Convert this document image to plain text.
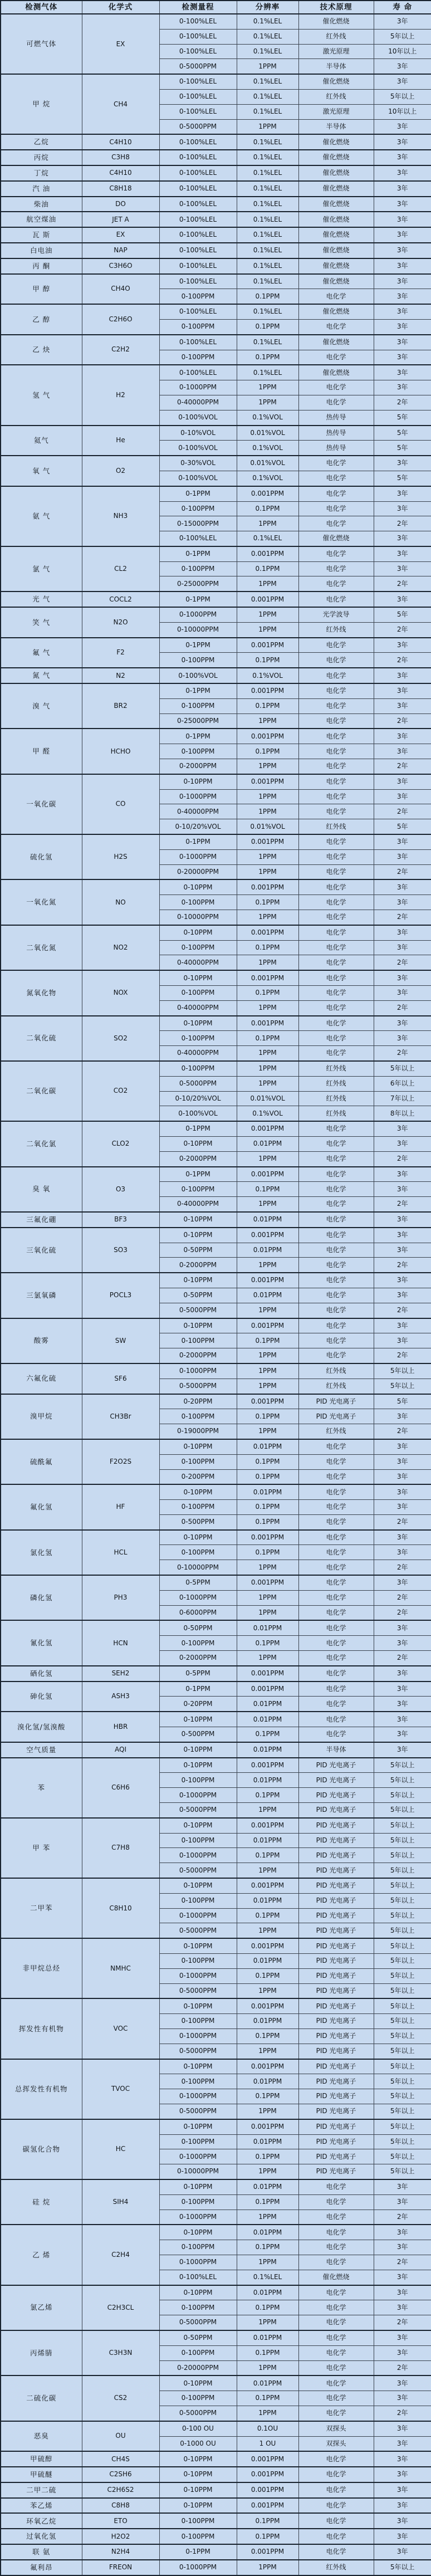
检测气体	化学式	检测量程	分辨率	技术原理	寿 命
可燃气体	EX	0-100%LEL	0.1%LEL	催化燃烧	3年
		0-100%LEL	0.1%LEL	红外线	5年以上
		0-100%LEL	0.1%LEL	激光原理	10年以上
		0-5000PPM	1PPM	半导体	3年
甲 烷	CH4	0-100%LEL	0.1%LEL	催化燃烧	3年
		0-100%LEL	0.1%LEL	红外线	5年以上
		0-100%LEL	0.1%LEL	激光原理	10年以上
		0-5000PPM	1PPM	半导体	3年
乙烷	C4H10	0-100%LEL	0.1%LEL	催化燃烧	3年
丙烷	C3H8	0-100%LEL	0.1%LEL	催化燃烧	3年
丁烷	C4H10	0-100%LEL	0.1%LEL	催化燃烧	3年
汽 油	C8H18	0-100%LEL	0.1%LEL	催化燃烧	3年
柴油	DO	0-100%LEL	0.1%LEL	催化燃烧	3年
航空煤油	JET A	0-100%LEL	0.1%LEL	催化燃烧	3年
瓦 斯	EX	0-100%LEL	0.1%LEL	催化燃烧	3年
白电油	NAP	0-100%LEL	0.1%LEL	催化燃烧	3年
丙 酮	C3H6O	0-100%LEL	0.1%LEL	催化燃烧	3年
甲 醇	CH4O	0-100%LEL	0.1%LEL	催化燃烧	3年
		0-100PPM	0.1PPM	电化学	3年
乙 醇	C2H6O	0-100%LEL	0.1%LEL	催化燃烧	3年
		0-100PPM	0.1PPM	电化学	3年
乙 炔	C2H2	0-100%LEL	0.1%LEL	催化燃烧	3年
		0-100PPM	0.1PPM	电化学	3年
氢 气	H2	0-100%LEL	0.1%LEL	催化燃烧	3年
		0-1000PPM	1PPM	电化学	3年
		0-40000PPM	1PPM	电化学	2年
		0-100%VOL	0.1%VOL	热传导	5年
氦气	He	0-10%VOL	0.01%VOL	热传导	5年
		0-100%VOL	0.1%VOL	热传导	5年
氧 气	O2	0-30%VOL	0.01%VOL	电化学	3年
		0-100%VOL	0.1%VOL	电化学	5年
氨 气	NH3	0-1PPM	0.001PPM	电化学	3年
		0-100PPM	0.1PPM	电化学	3年
		0-15000PPM	1PPM	电化学	2年
		0-100%LEL	0.1%LEL	催化燃烧	3年
氯 气	CL2	0-1PPM	0.001PPM	电化学	3年
		0-100PPM	0.1PPM	电化学	3年
		0-25000PPM	1PPM	电化学	2年
光 气	COCL2	0-1PPM	0.001PPM	电化学	3年
笑 气	N2O	0-1000PPM	1PPM	光学波导	5年
		0-10000PPM	1PPM	红外线	2年
氟 气	F2	0-1PPM	0.001PPM	电化学	3年
		0-100PPM	0.1PPM	电化学	2年
氮 气	N2	0-100%VOL	0.1%VOL	电化学	3年
溴 气	BR2	0-1PPM	0.001PPM	电化学	3年
		0-100PPM	0.1PPM	电化学	3年
		0-25000PPM	1PPM	电化学	2年
甲 醛	HCHO	0-1PPM	0.001PPM	电化学	3年
		0-100PPM	0.1PPM	电化学	3年
		0-2000PPM	1PPM	电化学	2年
一氧化碳	CO	0-10PPM	0.001PPM	电化学	3年
		0-1000PPM	1PPM	电化学	3年
		0-40000PPM	1PPM	电化学	2年
		0-10/20%VOL	0.01%VOL	红外线	5年
硫化氢	H2S	0-1PPM	0.001PPM	电化学	3年
		0-1000PPM	1PPM	电化学	3年
		0-20000PPM	1PPM	电化学	2年
一氧化氮	NO	0-10PPM	0.001PPM	电化学	3年
		0-100PPM	0.1PPM	电化学	3年
		0-10000PPM	1PPM	电化学	2年
二氧化氮	NO2	0-10PPM	0.001PPM	电化学	3年
		0-100PPM	0.1PPM	电化学	3年
		0-40000PPM	1PPM	电化学	2年
氮氧化物	NOX	0-10PPM	0.001PPM	电化学	3年
		0-100PPM	0.1PPM	电化学	3年
		0-40000PPM	1PPM	电化学	2年
二氧化硫	SO2	0-10PPM	0.001PPM	电化学	3年
		0-100PPM	0.1PPM	电化学	3年
		0-40000PPM	1PPM	电化学	2年
二氧化碳	CO2	0-100PPM	1PPM	红外线	5年以上
		0-5000PPM	1PPM	红外线	6年以上
		0-10/20%VOL	0.01%VOL	红外线	7年以上
		0-100%VOL	0.1%VOL	红外线	8年以上
二氧化氯	CLO2	0-1PPM	0.001PPM	电化学	3年
		0-10PPM	0.01PPM	电化学	3年
		0-2000PPM	1PPM	电化学	2年
臭 氧	O3	0-1PPM	0.001PPM	电化学	3年
		0-100PPM	0.1PPM	电化学	3年
		0-40000PPM	1PPM	电化学	2年
三氟化硼	BF3	0-10PPM	0.01PPM	电化学	3年
三氧化硫	SO3	0-10PPM	0.001PPM	电化学	3年
		0-50PPM	0.01PPM	电化学	3年
		0-2000PPM	1PPM	电化学	2年
三氯氧磷	POCL3	0-10PPM	0.001PPM	电化学	3年
		0-50PPM	0.01PPM	电化学	3年
		0-5000PPM	1PPM	电化学	2年
酸雾	SW	0-10PPM	0.001PPM	电化学	3年
		0-100PPM	0.1PPM	电化学	3年
		0-2000PPM	1PPM	电化学	2年
六氟化硫	SF6	0-1000PPM	1PPM	红外线	5年以上
		0-5000PPM	1PPM	红外线	5年以上
溴甲烷	CH3Br	0-20PPM	0.001PPM	PID 光电离子	5年
		0-100PPM	0.1PPM	PID 光电离子	3年
		0-19000PPM	1PPM	红外线	2年
硫酰氟	F2O2S	0-10PPM	0.01PPM	电化学	3年
		0-100PPM	0.1PPM	电化学	3年
		0-200PPM	0.1PPM	电化学	3年
氟化氢	HF	0-10PPM	0.01PPM	电化学	3年
		0-100PPM	0.1PPM	电化学	3年
		0-500PPM	0.1PPM	电化学	2年
氯化氢	HCL	0-10PPM	0.001PPM	电化学	3年
		0-100PPM	0.1PPM	电化学	3年
		0-10000PPM	1PPM	电化学	2年
磷化氢	PH3	0-5PPM	0.001PPM	电化学	3年
		0-1000PPM	1PPM	电化学	2年
		0-6000PPM	1PPM	电化学	2年
氰化氢	HCN	0-50PPM	0.01PPM	电化学	3年
		0-100PPM	0.1PPM	电化学	3年
		0-2000PPM	1PPM	电化学	2年
硒化氢	SEH2	0-5PPM	0.001PPM	电化学	3年
砷化氢	ASH3	0-1PPM	0.001PPM	电化学	3年
		0-20PPM	0.01PPM	电化学	3年
溴化氢/氢溴酸	HBR	0-10PPM	0.01PPM	电化学	3年
		0-500PPM	0.1PPM	电化学	3年
空气质量	AQI	0-10PPM	0.01PPM	半导体	3年
苯	C6H6	0-10PPM	0.001PPM	PID 光电离子	5年以上
		0-100PPM	0.01PPM	PID 光电离子	5年以上
		0-1000PPM	0.1PPM	PID 光电离子	5年以上
		0-5000PPM	1PPM	PID 光电离子	5年以上
甲 苯	C7H8	0-10PPM	0.001PPM	PID 光电离子	5年以上
		0-100PPM	0.01PPM	PID 光电离子	5年以上
		0-1000PPM	0.1PPM	PID 光电离子	5年以上
		0-5000PPM	1PPM	PID 光电离子	5年以上
二甲苯	C8H10	0-10PPM	0.001PPM	PID 光电离子	5年以上
		0-100PPM	0.01PPM	PID 光电离子	5年以上
		0-1000PPM	0.1PPM	PID 光电离子	5年以上
		0-5000PPM	1PPM	PID 光电离子	5年以上
非甲烷总烃	NMHC	0-10PPM	0.001PPM	PID 光电离子	5年以上
		0-100PPM	0.01PPM	PID 光电离子	5年以上
		0-1000PPM	0.1PPM	PID 光电离子	5年以上
		0-5000PPM	1PPM	PID 光电离子	5年以上
挥发性有机物	VOC	0-10PPM	0.001PPM	PID 光电离子	5年以上
		0-100PPM	0.01PPM	PID 光电离子	5年以上
		0-1000PPM	0.1PPM	PID 光电离子	5年以上
		0-5000PPM	1PPM	PID 光电离子	5年以上
总挥发性有机物	TVOC	0-10PPM	0.001PPM	PID 光电离子	5年以上
		0-100PPM	0.01PPM	PID 光电离子	5年以上
		0-1000PPM	0.1PPM	PID 光电离子	5年以上
		0-5000PPM	1PPM	PID 光电离子	5年以上
碳氢化合物	HC	0-10PPM	0.001PPM	PID 光电离子	5年以上
		0-100PPM	0.01PPM	PID 光电离子	5年以上
		0-1000PPM	0.1PPM	PID 光电离子	5年以上
		0-10000PPM	1PPM	PID 光电离子	5年以上
硅 烷	SIH4	0-10PPM	0.01PPM	电化学	3年
		0-100PPM	0.1PPM	电化学	3年
		0-1000PPM	1PPM	电化学	2年
乙 烯	C2H4	0-10PPM	0.01PPM	电化学	3年
		0-100PPM	0.1PPM	电化学	3年
		0-1000PPM	1PPM	电化学	2年
		0-100%LEL	0.1%LEL	催化燃烧	3年
氯乙烯	C2H3CL	0-10PPM	0.01PPM	电化学	3年
		0-100PPM	0.1PPM	电化学	3年
		0-5000PPM	1PPM	电化学	2年
丙烯腈	C3H3N	0-50PPM	0.01PPM	电化学	3年
		0-100PPM	0.1PPM	电化学	3年
		0-20000PPM	1PPM	电化学	2年
二硫化碳	CS2	0-10PPM	0.01PPM	电化学	3年
		0-100PPM	0.1PPM	电化学	3年
		0-5000PPM	1PPM	电化学	2年
恶臭	OU	0-100 OU	0.1OU	双探头	3年
		0-1000 OU	1 OU	双探头	3年
甲硫醇	CH4S	0-10PPM	0.001PPM	电化学	3年
甲硫醚	C2SH6	0-10PPM	0.001PPM	电化学	3年
二甲二硫	C2H6S2	0-10PPM	0.001PPM	电化学	3年
苯乙烯	C8H8	0-10PPM	0.001PPM	电化学	3年
环氧乙烷	ETO	0-100PPM	0.1PPM	电化学	3年
过氧化氢	H2O2	0-100PPM	0.1PPM	电化学	3年
联 氨	N2H4	0-1PPM	0.001PPM	电化学	3年
氟利昂	FREON	0-1000PPM	1PPM	红外线	5年以上
